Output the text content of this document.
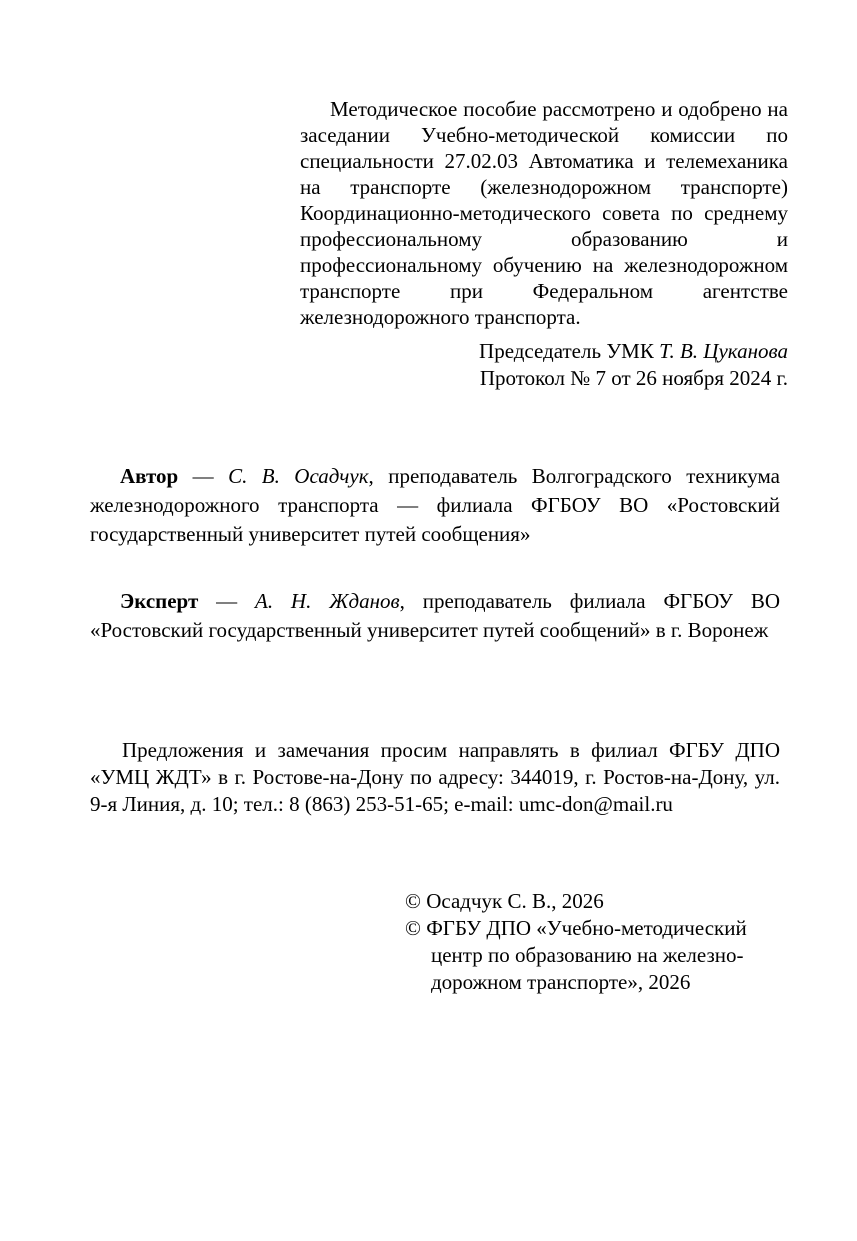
Методическое пособие рассмотрено и одобрено на заседании Учебно-методической комиссии по специальности 27.02.03 Автоматика и телемеханика на транспорте (железнодорожном транспорте) Координационно-методического совета по среднему профессиональному образованию и профессиональному обучению на железнодорожном транспорте при Федеральном агентстве железнодорожного транспорта.

Председатель УМК Т. В. Цуканова
Протокол № 7 от 26 ноября 2024 г.

Автор — С. В. Осадчук, преподаватель Волгоградского техникума железнодорожного транспорта — филиала ФГБОУ ВО «Ростовский государственный университет путей сообщения»

Эксперт — А. Н. Жданов, преподаватель филиала ФГБОУ ВО «Ростовский государственный университет путей сообщений» в г. Воронеж

Предложения и замечания просим направлять в филиал ФГБУ ДПО «УМЦ ЖДТ» в г. Ростове-на-Дону по адресу: 344019, г. Ростов-на-Дону, ул. 9-я Линия, д. 10; тел.: 8 (863) 253-51-65; e-mail: umc-don@mail.ru

© Осадчук С. В., 2026
© ФГБУ ДПО «Учебно-методический центр по образованию на железнодорожном транспорте», 2026
